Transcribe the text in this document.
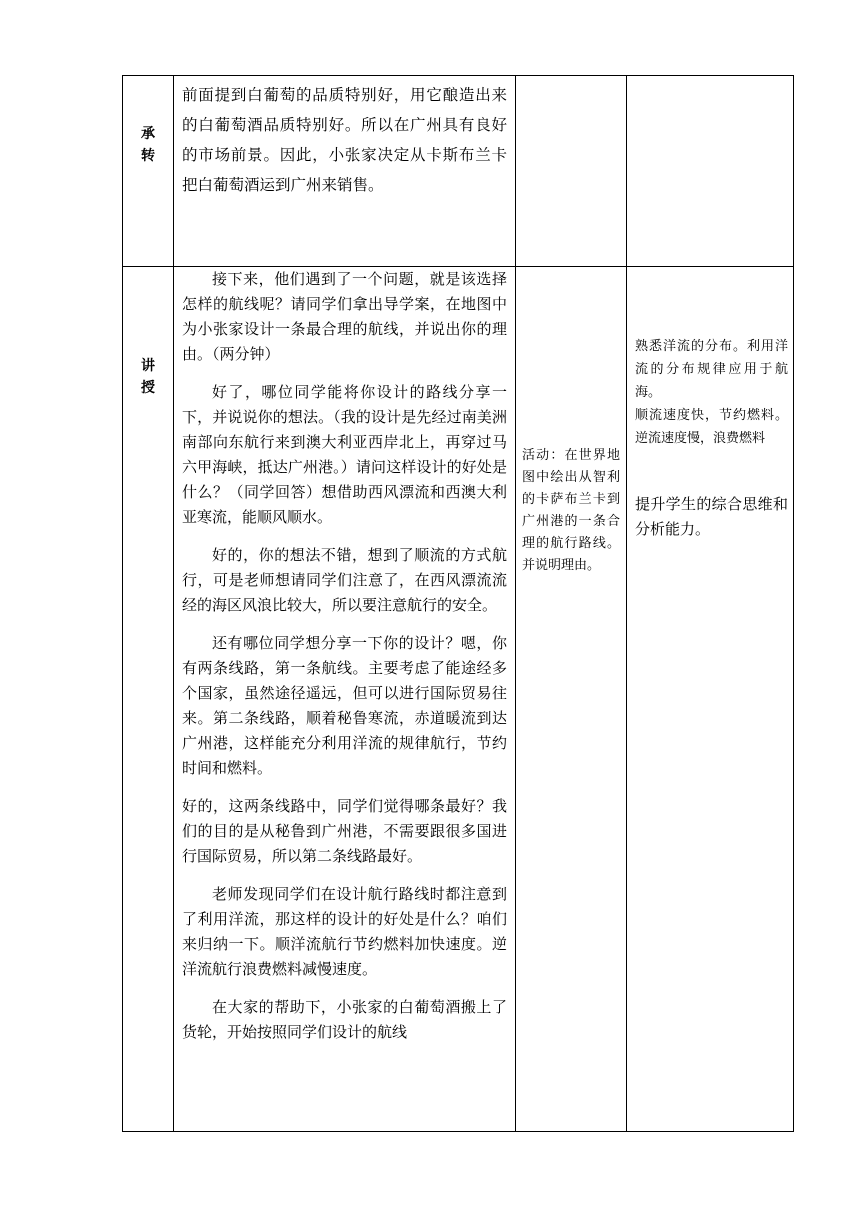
承
转

前面提到白葡萄的品质特别好，用它酿造出来的白葡萄酒品质特别好。所以在广州具有良好的市场前景。因此，小张家决定从卡斯布兰卡把白葡萄酒运到广州来销售。

讲
授

接下来，他们遇到了一个问题，就是该选择怎样的航线呢？请同学们拿出导学案，在地图中为小张家设计一条最合理的航线，并说出你的理由。（两分钟）

好了，哪位同学能将你设计的路线分享一下，并说说你的想法。（我的设计是先经过南美洲南部向东航行来到澳大利亚西岸北上，再穿过马六甲海峡，抵达广州港。）请问这样设计的好处是什么？（同学回答）想借助西风漂流和西澳大利亚寒流，能顺风顺水。

好的，你的想法不错，想到了顺流的方式航行，可是老师想请同学们注意了，在西风漂流流经的海区风浪比较大，所以要注意航行的安全。

还有哪位同学想分享一下你的设计？嗯，你有两条线路，第一条航线。主要考虑了能途经多个国家，虽然途径遥远，但可以进行国际贸易往来。第二条线路，顺着秘鲁寒流，赤道暖流到达广州港，这样能充分利用洋流的规律航行，节约时间和燃料。

好的，这两条线路中，同学们觉得哪条最好？我们的目的是从秘鲁到广州港，不需要跟很多国进行国际贸易，所以第二条线路最好。

老师发现同学们在设计航行路线时都注意到了利用洋流，那这样的设计的好处是什么？咱们来归纳一下。顺洋流航行节约燃料加快速度。逆洋流航行浪费燃料减慢速度。

在大家的帮助下，小张家的白葡萄酒搬上了货轮，开始按照同学们设计的航线

活动：在世界地图中绘出从智利的卡萨布兰卡到广州港的一条合理的航行路线。并说明理由。

熟悉洋流的分布。利用洋流的分布规律应用于航海。

顺流速度快，节约燃料。逆流速度慢，浪费燃料

提升学生的综合思维和分析能力。
